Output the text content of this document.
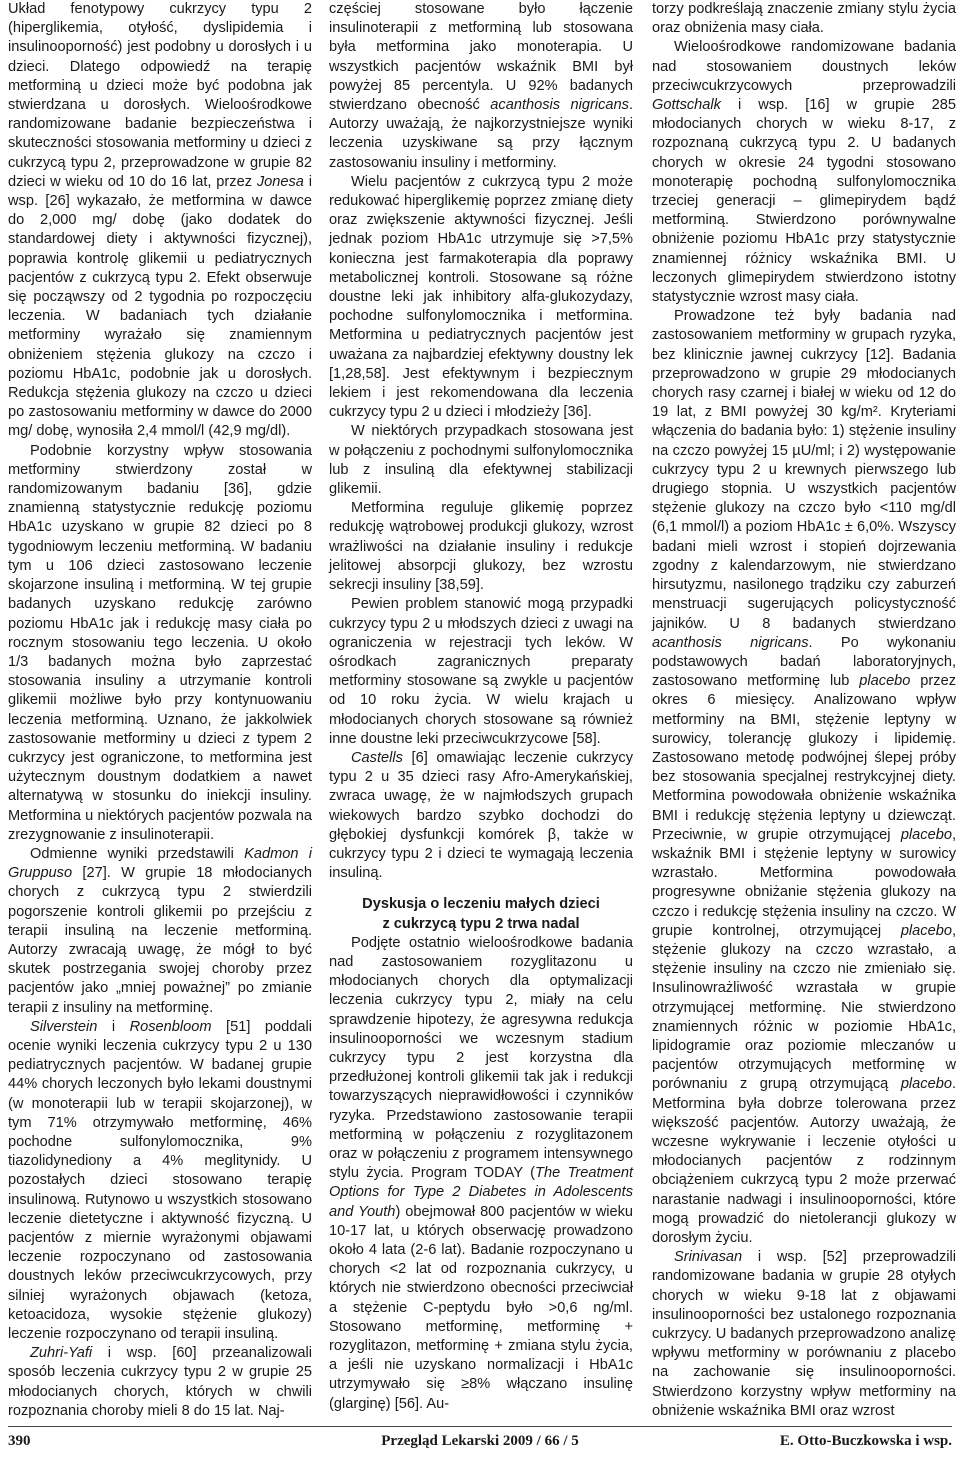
Układ fenotypowy cukrzycy typu 2 (hiperglikemia, otyłość, dyslipidemia i insulinooporność) jest podobny u dorosłych i u dzieci. Dlatego odpowiedź na terapię metforminą u dzieci może być podobna jak stwierdzana u dorosłych. Wieloośrodkowe randomizowane badanie bezpieczeństwa i skuteczności stosowania metforminy u dzieci z cukrzycą typu 2, przeprowadzone w grupie 82 dzieci w wieku od 10 do 16 lat, przez Jonesa i wsp. [26] wykazało, że metformina w dawce do 2,000 mg/ dobę (jako dodatek do standardowej diety i aktywności fizycznej), poprawia kontrolę glikemii u pediatrycznych pacjentów z cukrzycą typu 2. Efekt obserwuje się począwszy od 2 tygodnia po rozpoczęciu leczenia. W badaniach tych działanie metforminy wyrażało się znamiennym obniżeniem stężenia glukozy na czczo i poziomu HbA1c, podobnie jak u dorosłych. Redukcja stężenia glukozy na czczo u dzieci po zastosowaniu metforminy w dawce do 2000 mg/ dobę, wynosiła 2,4 mmol/l (42,9 mg/dl).

Podobnie korzystny wpływ stosowania metforminy stwierdzony został w randomizowanym badaniu [36], gdzie znamienną statystycznie redukcję poziomu HbA1c uzyskano w grupie 82 dzieci po 8 tygodniowym leczeniu metforminą. W badaniu tym u 106 dzieci zastosowano leczenie skojarzone insuliną i metforminą. W tej grupie badanych uzyskano redukcję zarówno poziomu HbA1c jak i redukcję masy ciała po rocznym stosowaniu tego leczenia. U około 1/3 badanych można było zaprzestać stosowania insuliny a utrzymanie kontroli glikemii możliwe było przy kontynuowaniu leczenia metforminą. Uznano, że jakkolwiek zastosowanie metforminy u dzieci z typem 2 cukrzycy jest ograniczone, to metformina jest użytecznym doustnym dodatkiem a nawet alternatywą w stosunku do iniekcji insuliny. Metformina u niektórych pacjentów pozwala na zrezygnowanie z insulinoterapii.

Odmienne wyniki przedstawili Kadmon i Gruppuso [27]. W grupie 18 młodocianych chorych z cukrzycą typu 2 stwierdzili pogorszenie kontroli glikemii po przejściu z terapii insuliną na leczenie metforminą. Autorzy zwracają uwagę, że mógł to być skutek postrzegania swojej choroby przez pacjentów jako „mniej poważnej” po zmianie terapii z insuliny na metforminę.

Silverstein i Rosenbloom [51] poddali ocenie wyniki leczenia cukrzycy typu 2 u 130 pediatrycznych pacjentów. W badanej grupie 44% chorych leczonych było lekami doustnymi (w monoterapii lub w terapii skojarzonej), w tym 71% otrzymywało metforminę, 46% pochodne sulfonylomocznika, 9% tiazolidynediony a 4% meglitynidy. U pozostałych dzieci stosowano terapię insulinową. Rutynowo u wszystkich stosowano leczenie dietetyczne i aktywność fizyczną. U pacjentów z miernie wyrażonymi objawami leczenie rozpoczynano od zastosowania doustnych leków przeciwcukrzycowych, przy silniej wyrażonych objawach (ketoza, ketoacidoza, wysokie stężenie glukozy) leczenie rozpoczynano od terapii insuliną.

Zuhri-Yafi i wsp. [60] przeanalizowali sposób leczenia cukrzycy typu 2 w grupie 25 młodocianych chorych, których w chwili rozpoznania choroby mieli 8 do 15 lat. Naj-

częściej stosowane było łączenie insulinoterapii z metforminą lub stosowana była metformina jako monoterapia. U wszystkich pacjentów wskaźnik BMI był powyżej 85 percentyla. U 92% badanych stwierdzano obecność acanthosis nigricans. Autorzy uważają, że najkorzystniejsze wyniki leczenia uzyskiwane są przy łącznym zastosowaniu insuliny i metforminy.

Wielu pacjentów z cukrzycą typu 2 może redukować hiperglikemię poprzez zmianę diety oraz zwiększenie aktywności fizycznej. Jeśli jednak poziom HbA1c utrzymuje się >7,5% konieczna jest farmakoterapia dla poprawy metabolicznej kontroli. Stosowane są różne doustne leki jak inhibitory alfa-glukozydazy, pochodne sulfonylomocznika i metformina. Metformina u pediatrycznych pacjentów jest uważana za najbardziej efektywny doustny lek [1,28,58]. Jest efektywnym i bezpiecznym lekiem i jest rekomendowana dla leczenia cukrzycy typu 2 u dzieci i młodzieży [36].

W niektórych przypadkach stosowana jest w połączeniu z pochodnymi sulfonylomocznika lub z insuliną dla efektywnej stabilizacji glikemii.

Metformina reguluje glikemię poprzez redukcję wątrobowej produkcji glukozy, wzrost wrażliwości na działanie insuliny i redukcje jelitowej absorpcji glukozy, bez wzrostu sekrecji insuliny [38,59].

Pewien problem stanowić mogą przypadki cukrzycy typu 2 u młodszych dzieci z uwagi na ograniczenia w rejestracji tych leków. W ośrodkach zagranicznych preparaty metforminy stosowane są zwykle u pacjentów od 10 roku życia. W wielu krajach u młodocianych chorych stosowane są również inne doustne leki przeciwcukrzycowe [58].

Castells [6] omawiając leczenie cukrzycy typu 2 u 35 dzieci rasy Afro-Amerykańskiej, zwraca uwagę, że w najmłodszych grupach wiekowych bardzo szybko dochodzi do głębokiej dysfunkcji komórek β, także w cukrzycy typu 2 i dzieci te wymagają leczenia insuliną.

Dyskusja o leczeniu małych dzieci
z cukrzycą typu 2 trwa nadal

Podjęte ostatnio wieloośrodkowe badania nad zastosowaniem rozyglitazonu u młodocianych chorych dla optymalizacji leczenia cukrzycy typu 2, miały na celu sprawdzenie hipotezy, że agresywna redukcja insulinooporności we wczesnym stadium cukrzycy typu 2 jest korzystna dla przedłużonej kontroli glikemii tak jak i redukcji towarzyszących nieprawidłowości i czynników ryzyka. Przedstawiono zastosowanie terapii metforminą w połączeniu z rozyglitazonem oraz w połączeniu z programem intensywnego stylu życia. Program TODAY (The Treatment Options for Type 2 Diabetes in Adolescents and Youth) obejmował 800 pacjentów w wieku 10-17 lat, u których obserwację prowadzono około 4 lata (2-6 lat). Badanie rozpoczynano u chorych <2 lat od rozpoznania cukrzycy, u których nie stwierdzono obecności przeciwciał a stężenie C-peptydu było >0,6 ng/ml. Stosowano metforminę, metforminę + rozyglitazon, metforminę + zmiana stylu życia, a jeśli nie uzyskano normalizacji i HbA1c utrzymywało się ≥8% włączano insulinę (glarginę) [56]. Au-

torzy podkreślają znaczenie zmiany stylu życia oraz obniżenia masy ciała.

Wieloośrodkowe randomizowane badania nad stosowaniem doustnych leków przeciwcukrzycowych przeprowadzili Gottschalk i wsp. [16] w grupie 285 młodocianych chorych w wieku 8-17, z rozpoznaną cukrzycą typu 2. U badanych chorych w okresie 24 tygodni stosowano monoterapię pochodną sulfonylomocznika trzeciej generacji – glimepirydem bądź metforminą. Stwierdzono porównywalne obniżenie poziomu HbA1c przy statystycznie znamiennej różnicy wskaźnika BMI. U leczonych glimepirydem stwierdzono istotny statystycznie wzrost masy ciała.

Prowadzone też były badania nad zastosowaniem metforminy w grupach ryzyka, bez klinicznie jawnej cukrzycy [12]. Badania przeprowadzono w grupie 29 młodocianych chorych rasy czarnej i białej w wieku od 12 do 19 lat, z BMI powyżej 30 kg/m². Kryteriami włączenia do badania było: 1) stężenie insuliny na czczo powyżej 15 µU/ml; i 2) występowanie cukrzycy typu 2 u krewnych pierwszego lub drugiego stopnia. U wszystkich pacjentów stężenie glukozy na czczo było <110 mg/dl (6,1 mmol/l) a poziom HbA1c ± 6,0%. Wszyscy badani mieli wzrost i stopień dojrzewania zgodny z kalendarzowym, nie stwierdzano hirsutyzmu, nasilonego trądziku czy zaburzeń menstruacji sugerujących policystyczność jajników. U 8 badanych stwierdzano acanthosis nigricans. Po wykonaniu podstawowych badań laboratoryjnych, zastosowano metforminę lub placebo przez okres 6 miesięcy. Analizowano wpływ metforminy na BMI, stężenie leptyny w surowicy, tolerancję glukozy i lipidemię. Zastosowano metodę podwójnej ślepej próby bez stosowania specjalnej restrykcyjnej diety. Metformina powodowała obniżenie wskaźnika BMI i redukcję stężenia leptyny u dziewcząt. Przeciwnie, w grupie otrzymującej placebo, wskaźnik BMI i stężenie leptyny w surowicy wzrastało. Metformina powodowała progresywne obniżanie stężenia glukozy na czczo i redukcję stężenia insuliny na czczo. W grupie kontrolnej, otrzymującej placebo, stężenie glukozy na czczo wzrastało, a stężenie insuliny na czczo nie zmieniało się. Insulinowrażliwość wzrastała w grupie otrzymującej metforminę. Nie stwierdzono znamiennych różnic w poziomie HbA1c, lipidogramie oraz poziomie mleczanów u pacjentów otrzymujących metforminę w porównaniu z grupą otrzymującą placebo. Metformina była dobrze tolerowana przez większość pacjentów. Autorzy uważają, że wczesne wykrywanie i leczenie otyłości u młodocianych pacjentów z rodzinnym obciążeniem cukrzycą typu 2 może przerwać narastanie nadwagi i insulinooporności, które mogą prowadzić do nietolerancji glukozy w dorosłym życiu.

Srinivasan i wsp. [52] przeprowadzili randomizowane badania w grupie 28 otyłych chorych w wieku 9-18 lat z objawami insulinooporności bez ustalonego rozpoznania cukrzycy. U badanych przeprowadzono analizę wpływu metforminy w porównaniu z placebo na zachowanie się insulinooporności. Stwierdzono korzystny wpływ metforminy na obniżenie wskaźnika BMI oraz wzrost

390	Przegląd Lekarski 2009 / 66 / 5	E. Otto-Buczkowska i wsp.
